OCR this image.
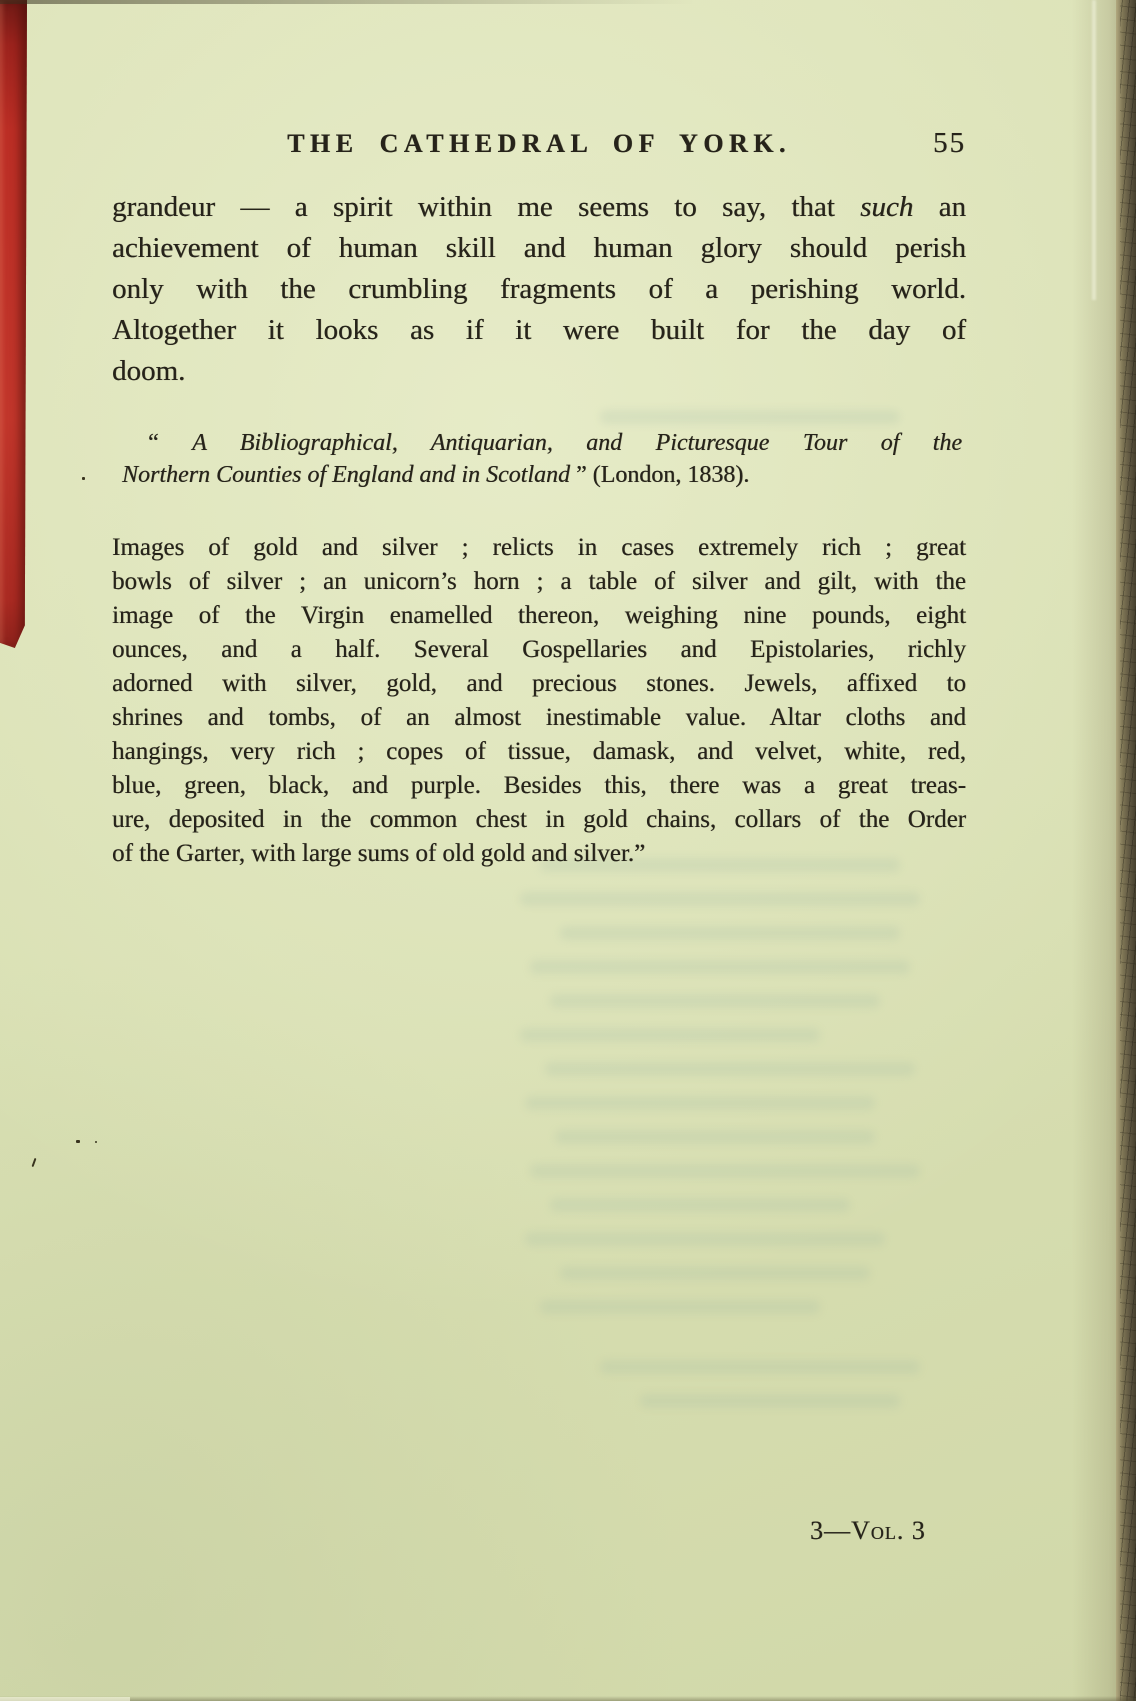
THE CATHEDRAL OF YORK.	55
grandeur — a spirit within me seems to say, that such an
achievement of human skill and human glory should perish
only with the crumbling fragments of a perishing world.
Altogether it looks as if it were built for the day of
doom.
“ A Bibliographical, Antiquarian, and Picturesque Tour of the
Northern Counties of England and in Scotland ” (London, 1838).
Images of gold and silver ; relicts in cases extremely rich ; great
bowls of silver ; an unicorn’s horn ; a table of silver and gilt, with the
image of the Virgin enamelled thereon, weighing nine pounds, eight
ounces, and a half. Several Gospellaries and Epistolaries, richly
adorned with silver, gold, and precious stones. Jewels, affixed to
shrines and tombs, of an almost inestimable value. Altar cloths and
hangings, very rich ; copes of tissue, damask, and velvet, white, red,
blue, green, black, and purple. Besides this, there was a great treas-
ure, deposited in the common chest in gold chains, collars of the Order
of the Garter, with large sums of old gold and silver.”
3—Vol. 3
